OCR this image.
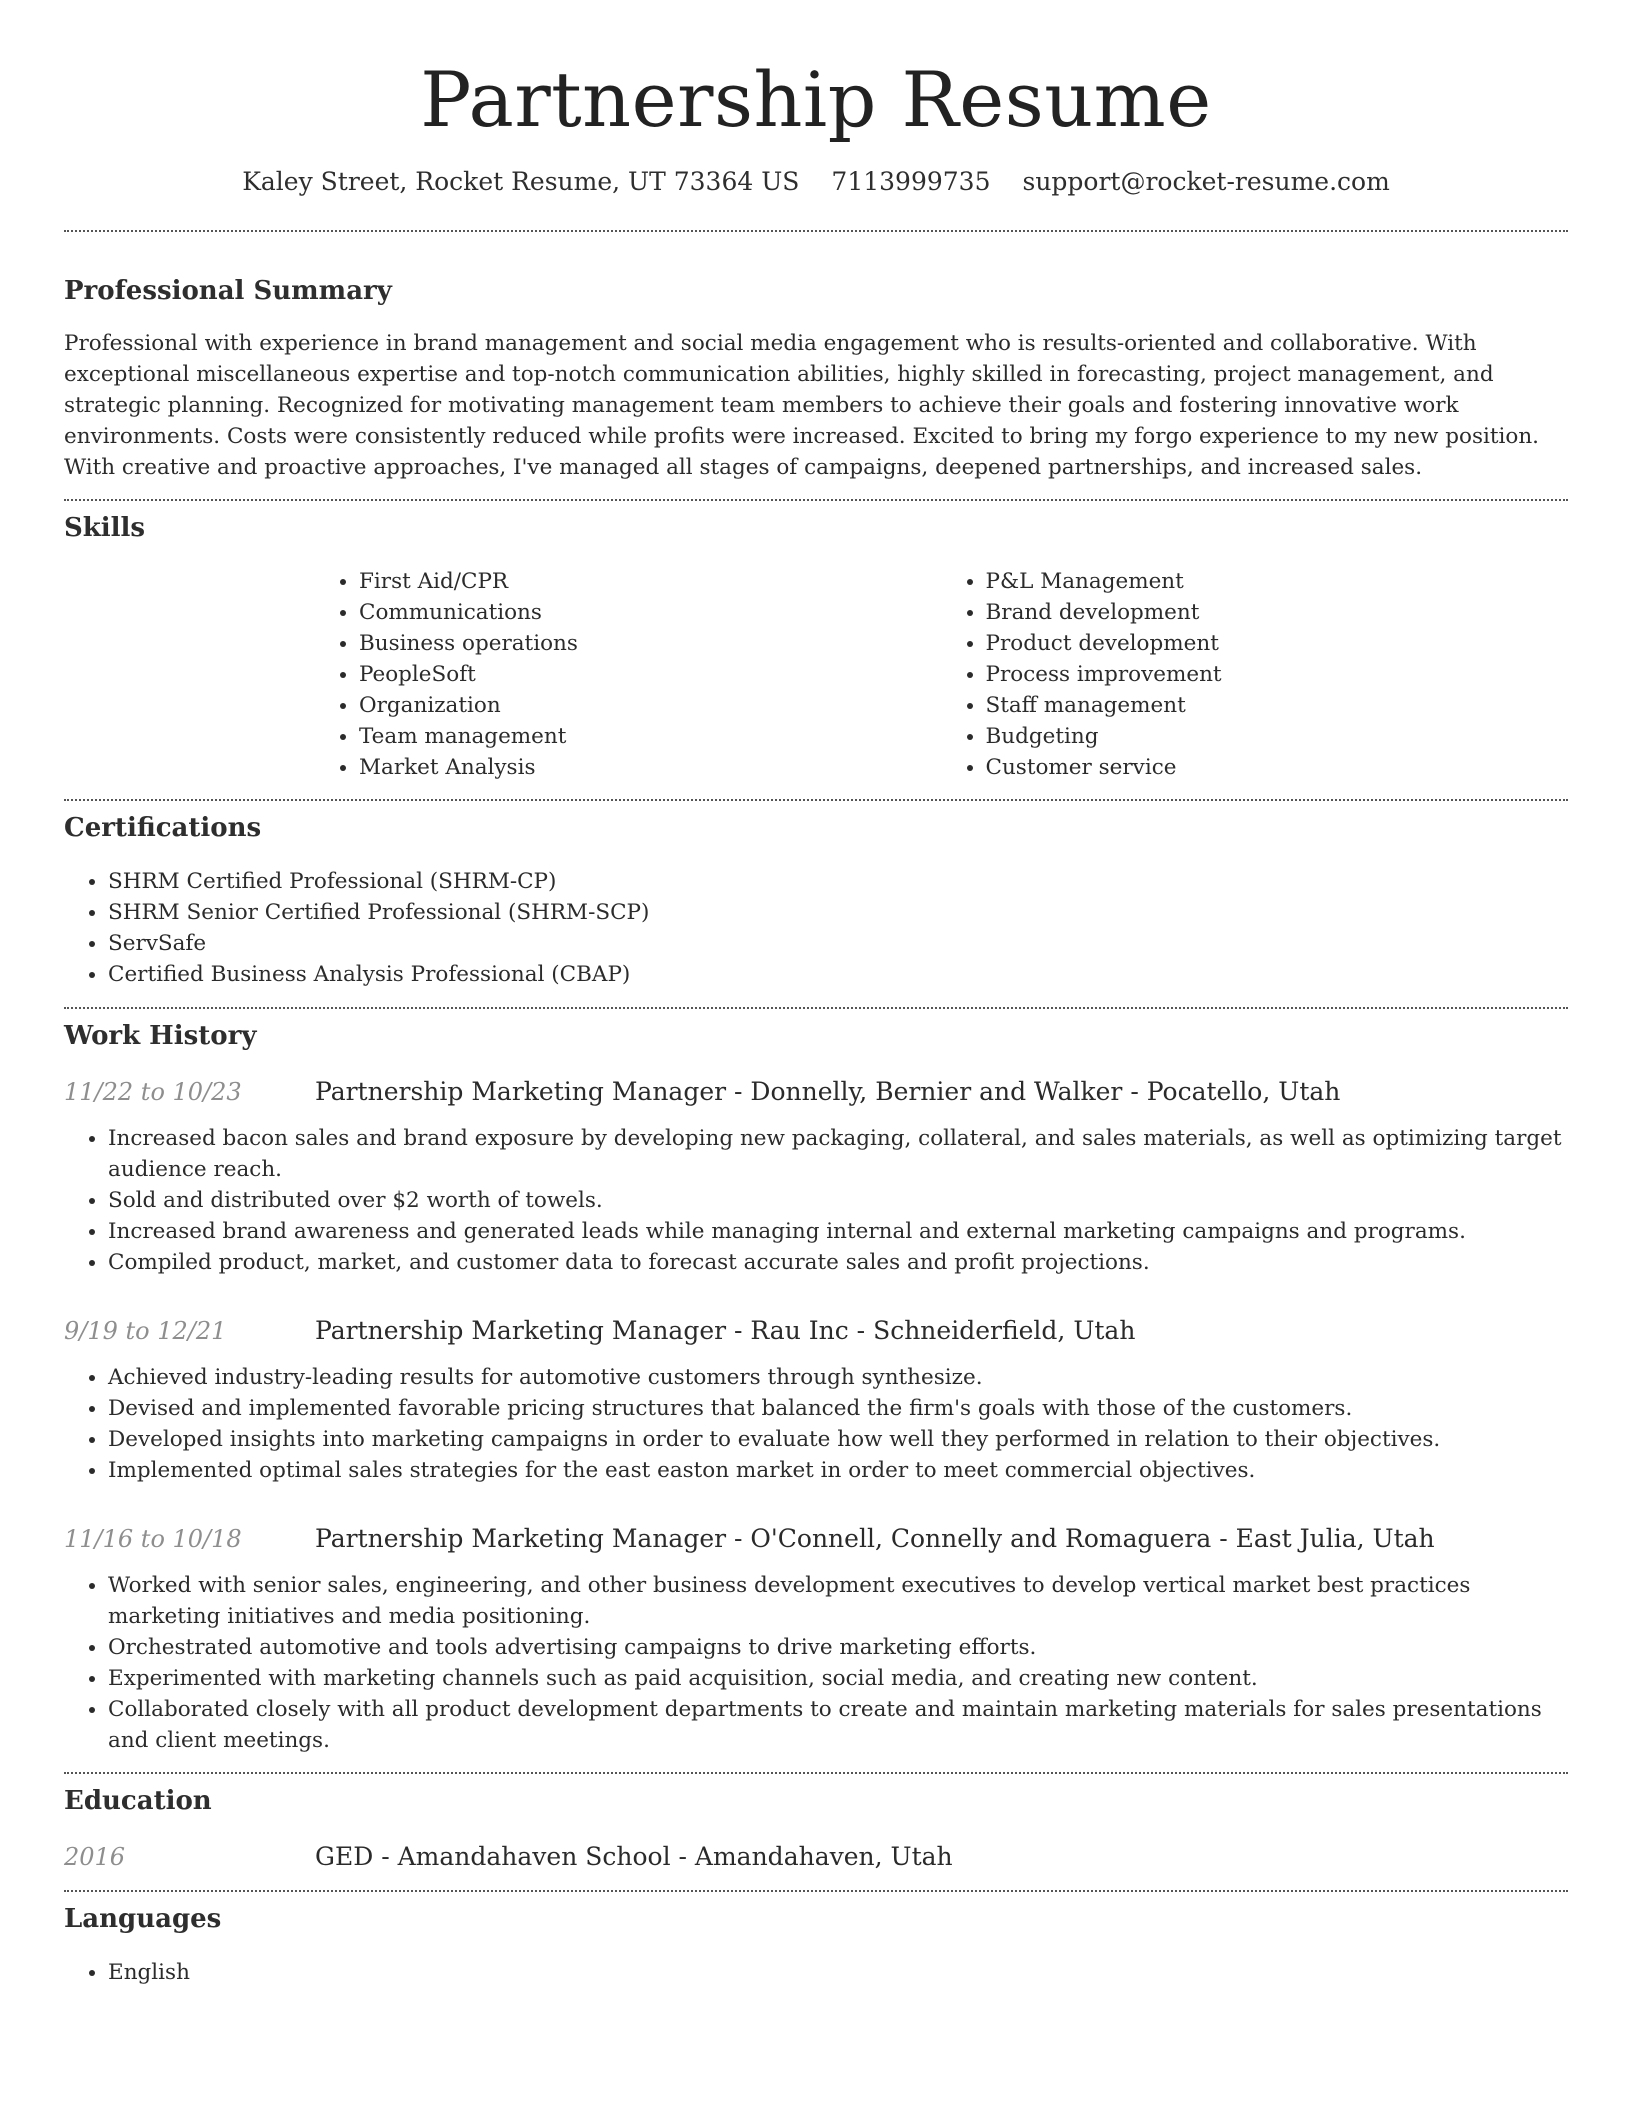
Partnership Resume
Kaley Street, Rocket Resume, UT 73364 US 7113999735 support@rocket-resume.com
Professional Summary

Professional with experience in brand management and social media engagement who is results-oriented and collaborative. With exceptional miscellaneous expertise and top-notch communication abilities, highly skilled in forecasting, project management, and strategic planning. Recognized for motivating management team members to achieve their goals and fostering innovative work environments. Costs were consistently reduced while profits were increased. Excited to bring my forgo experience to my new position. With creative and proactive approaches, I've managed all stages of campaigns, deepened partnerships, and increased sales.

Skills
• First Aid/CPR
• Communications
• Business operations
• PeopleSoft
• Organization
• Team management
• Market Analysis
• P&L Management
• Brand development
• Product development
• Process improvement
• Staff management
• Budgeting
• Customer service
Certifications
• SHRM Certified Professional (SHRM-CP)
• SHRM Senior Certified Professional (SHRM-SCP)
• ServSafe
• Certified Business Analysis Professional (CBAP)
Work History
11/22 to 10/23	Partnership Marketing Manager - Donnelly, Bernier and Walker - Pocatello, Utah
• Increased bacon sales and brand exposure by developing new packaging, collateral, and sales materials, as well as optimizing target audience reach.
• Sold and distributed over $2 worth of towels.
• Increased brand awareness and generated leads while managing internal and external marketing campaigns and programs.
• Compiled product, market, and customer data to forecast accurate sales and profit projections.
9/19 to 12/21	Partnership Marketing Manager - Rau Inc - Schneiderfield, Utah
• Achieved industry-leading results for automotive customers through synthesize.
• Devised and implemented favorable pricing structures that balanced the firm's goals with those of the customers.
• Developed insights into marketing campaigns in order to evaluate how well they performed in relation to their objectives.
• Implemented optimal sales strategies for the east easton market in order to meet commercial objectives.
11/16 to 10/18	Partnership Marketing Manager - O'Connell, Connelly and Romaguera - East Julia, Utah
• Worked with senior sales, engineering, and other business development executives to develop vertical market best practices marketing initiatives and media positioning.
• Orchestrated automotive and tools advertising campaigns to drive marketing efforts.
• Experimented with marketing channels such as paid acquisition, social media, and creating new content.
• Collaborated closely with all product development departments to create and maintain marketing materials for sales presentations and client meetings.
Education
2016	GED - Amandahaven School - Amandahaven, Utah
Languages
• English
